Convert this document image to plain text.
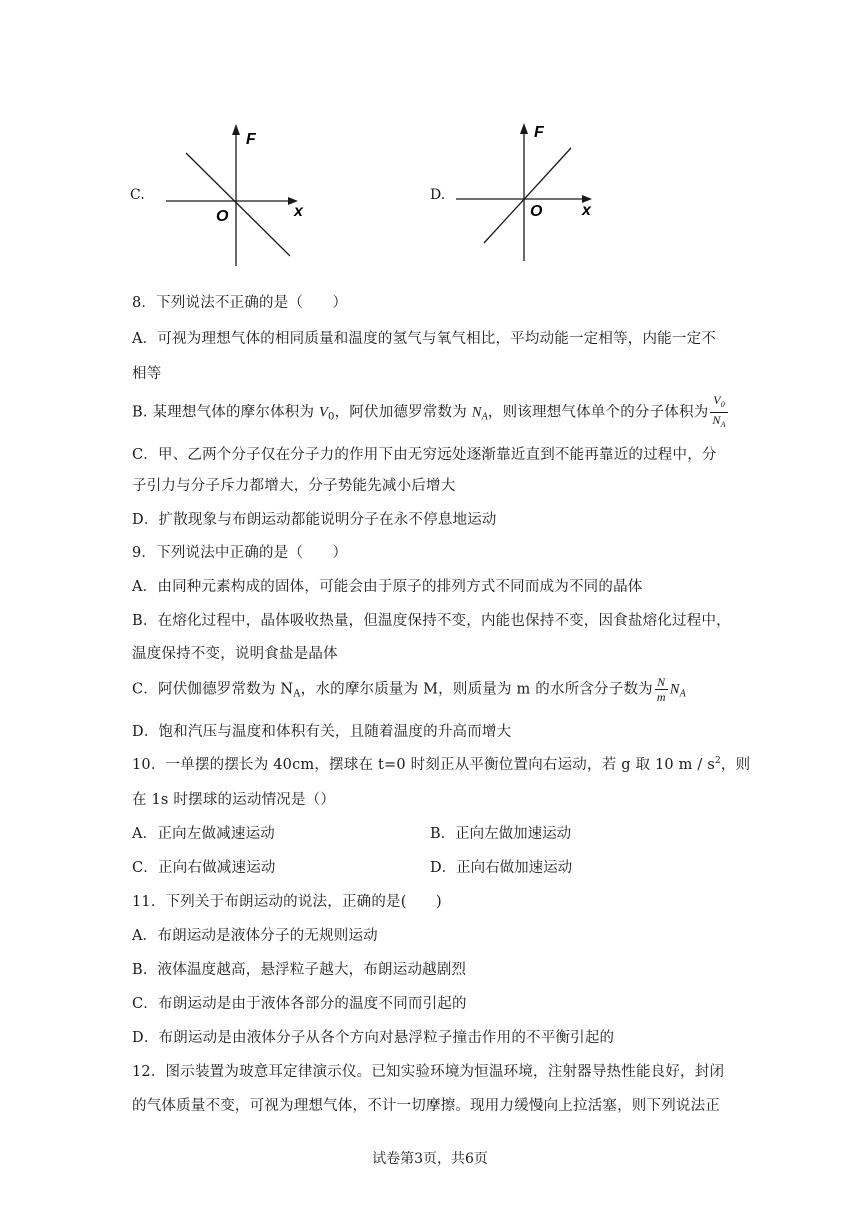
C.
F
x
O
D.
F
x
O
8．下列说法不正确的是（　　）
A．可视为理想气体的相同质量和温度的氢气与氧气相比，平均动能一定相等，内能一定不
相等
B. 某理想气体的摩尔体积为 $V_0$，阿伏加德罗常数为 $N_A$，则该理想气体单个的分子体积为 $\frac{V_0}{N_A}$
C．甲、乙两个分子仅在分子力的作用下由无穷远处逐渐靠近直到不能再靠近的过程中，分
子引力与分子斥力都增大，分子势能先减小后增大
D．扩散现象与布朗运动都能说明分子在永不停息地运动
9．下列说法中正确的是（　　）
A．由同种元素构成的固体，可能会由于原子的排列方式不同而成为不同的晶体
B．在熔化过程中，晶体吸收热量，但温度保持不变，内能也保持不变，因食盐熔化过程中，
温度保持不变，说明食盐是晶体
C．阿伏伽德罗常数为 $N_A$，水的摩尔质量为 M，则质量为 m 的水所含分子数为 $\frac{N}{m} N_A$
D．饱和汽压与温度和体积有关，且随着温度的升高而增大
10．一单摆的摆长为 40cm，摆球在 t=0 时刻正从平衡位置向右运动，若 g 取 10 m / $s^2$，则
在 1s 时摆球的运动情况是（）
A．正向左做减速运动	B．正向左做加速运动
C．正向右做减速运动	D．正向右做加速运动
11．下列关于布朗运动的说法，正确的是(　　)
A．布朗运动是液体分子的无规则运动
B．液体温度越高，悬浮粒子越大，布朗运动越剧烈
C．布朗运动是由于液体各部分的温度不同而引起的
D．布朗运动是由液体分子从各个方向对悬浮粒子撞击作用的不平衡引起的
12．图示装置为玻意耳定律演示仪。已知实验环境为恒温环境，注射器导热性能良好，封闭
的气体质量不变，可视为理想气体，不计一切摩擦。现用力缓慢向上拉活塞，则下列说法正
试卷第3页，共6页
